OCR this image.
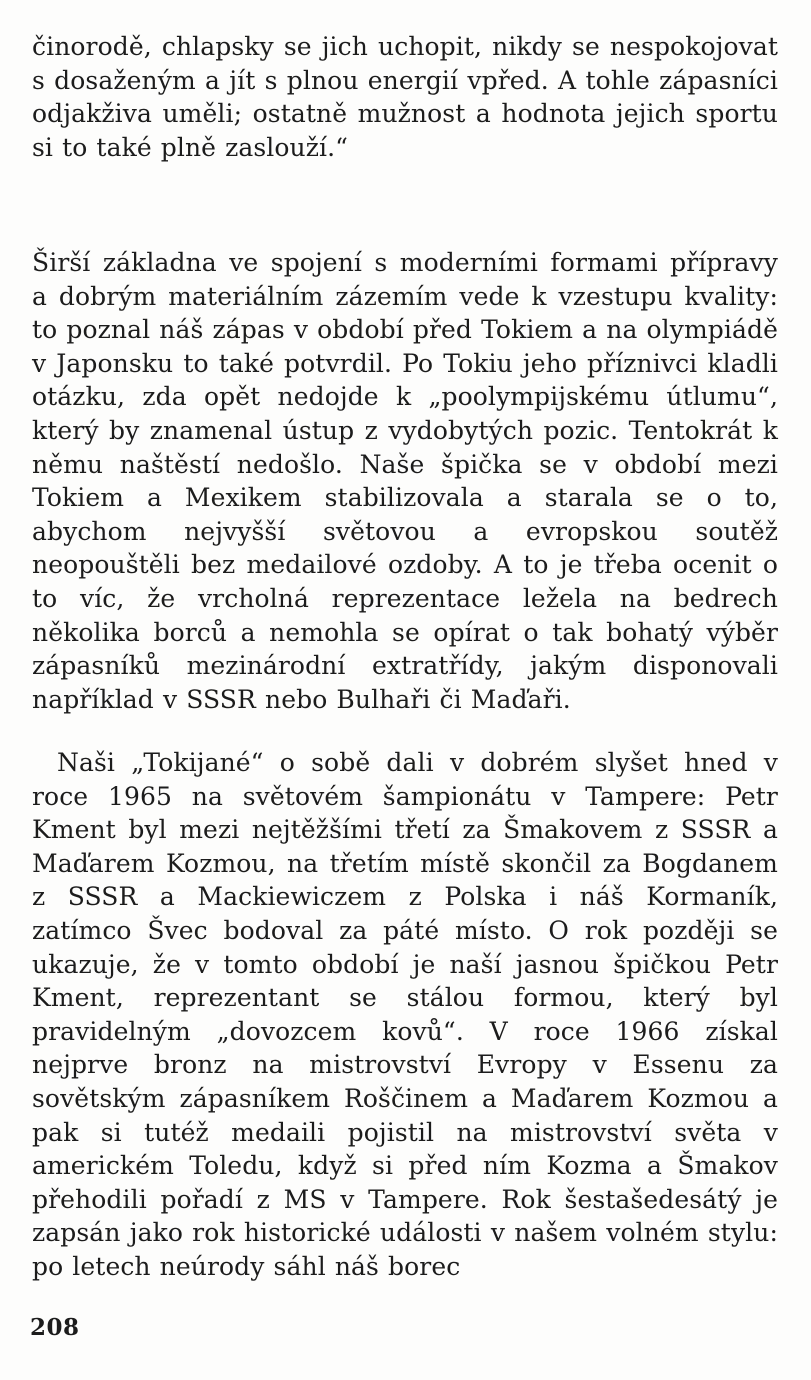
činorodě, chlapsky se jich uchopit, nikdy se nespokojovat s dosaženým a jít s plnou energií vpřed. A tohle zápasníci odjakživa uměli; ostatně mužnost a hodnota jejich sportu si to také plně zaslouží.“

Širší základna ve spojení s moderními formami přípravy a dobrým materiálním zázemím vede k vzestupu kvality: to poznal náš zápas v období před Tokiem a na olympiádě v Japonsku to také potvrdil. Po Tokiu jeho příznivci kladli otázku, zda opět nedojde k „poolympijskému útlumu“, který by znamenal ústup z vydobytých pozic. Tentokrát k němu naštěstí nedošlo. Naše špička se v období mezi Tokiem a Mexikem stabilizovala a starala se o to, abychom nejvyšší světovou a evropskou soutěž neopouštěli bez medailové ozdoby. A to je třeba ocenit o to víc, že vrcholná reprezentace ležela na bedrech několika borců a nemohla se opírat o tak bohatý výběr zápasníků mezinárodní extratřídy, jakým disponovali například v SSSR nebo Bulhaři či Maďaři.

Naši „Tokijané“ o sobě dali v dobrém slyšet hned v roce 1965 na světovém šampionátu v Tampere: Petr Kment byl mezi nejtěžšími třetí za Šmakovem z SSSR a Maďarem Kozmou, na třetím místě skončil za Bogdanem z SSSR a Mackiewiczem z Polska i náš Kormaník, zatímco Švec bodoval za páté místo. O rok později se ukazuje, že v tomto období je naší jasnou špičkou Petr Kment, reprezentant se stálou formou, který byl pravidelným „dovozcem kovů“. V roce 1966 získal nejprve bronz na mistrovství Evropy v Essenu za sovětským zápasníkem Roščinem a Maďarem Kozmou a pak si tutéž medaili pojistil na mistrovství světa v americkém Toledu, když si před ním Kozma a Šmakov přehodili pořadí z MS v Tampere. Rok šestašedesátý je zapsán jako rok historické události v našem volném stylu: po letech neúrody sáhl náš borec

208
